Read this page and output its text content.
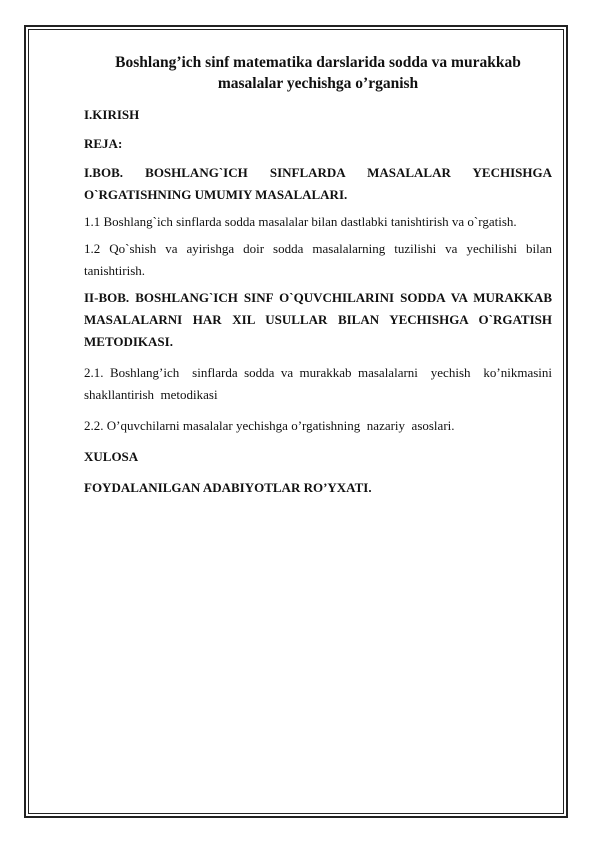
Boshlang’ich sinf matematika darslarida sodda va murakkab masalalar yechishga o’rganish
I.KIRISH
REJA:
I.BOB. BOSHLANG`ICH SINFLARDA MASALALAR YECHISHGA O`RGATISHNING UMUMIY MASALALARI.
1.1 Boshlang`ich sinflarda sodda masalalar bilan dastlabki tanishtirish va o`rgatish.
1.2 Qo`shish va ayirishga doir sodda masalalarning tuzilishi va yechilishi bilan tanishtirish.
II-BOB. BOSHLANG`ICH SINF O`QUVCHILARINI SODDA VA MURAKKAB MASALALARNI HAR XIL USULLAR BILAN YECHISHGA O`RGATISH METODIKASI.
2.1. Boshlang’ich  sinflarda sodda va murakkab masalalarni  yechish  ko’nikmasini shakllantirish  metodikasi
2.2. O’quvchilarni masalalar yechishga o’rgatishning  nazariy  asoslari.
XULOSA
FOYDALANILGAN ADABIYOTLAR RO’YXATI.
